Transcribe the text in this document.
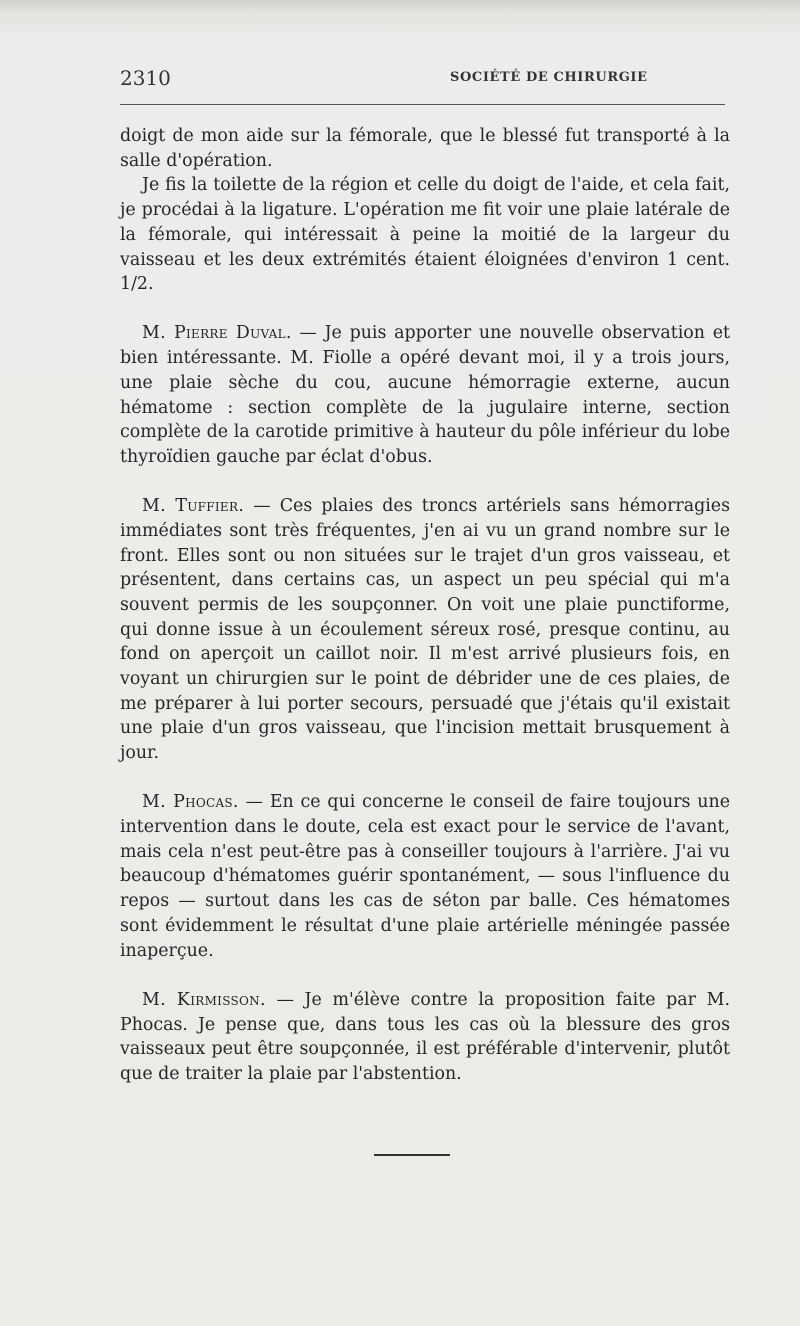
2310	SOCIÉTÉ DE CHIRURGIE

doigt de mon aide sur la fémorale, que le blessé fut transporté à la salle d'opération.

Je fis la toilette de la région et celle du doigt de l'aide, et cela fait, je procédai à la ligature. L'opération me fit voir une plaie latérale de la fémorale, qui intéressait à peine la moitié de la largeur du vaisseau et les deux extrémités étaient éloignées d'environ 1 cent. 1/2.

M. Pierre Duval. — Je puis apporter une nouvelle observation et bien intéressante. M. Fiolle a opéré devant moi, il y a trois jours, une plaie sèche du cou, aucune hémorragie externe, aucun hématome : section complète de la jugulaire interne, section complète de la carotide primitive à hauteur du pôle inférieur du lobe thyroïdien gauche par éclat d'obus.

M. Tuffier. — Ces plaies des troncs artériels sans hémorragies immédiates sont très fréquentes, j'en ai vu un grand nombre sur le front. Elles sont ou non situées sur le trajet d'un gros vaisseau, et présentent, dans certains cas, un aspect un peu spécial qui m'a souvent permis de les soupçonner. On voit une plaie punctiforme, qui donne issue à un écoulement séreux rosé, presque continu, au fond on aperçoit un caillot noir. Il m'est arrivé plusieurs fois, en voyant un chirurgien sur le point de débrider une de ces plaies, de me préparer à lui porter secours, persuadé que j'étais qu'il existait une plaie d'un gros vaisseau, que l'incision mettait brusquement à jour.

M. Phocas. — En ce qui concerne le conseil de faire toujours une intervention dans le doute, cela est exact pour le service de l'avant, mais cela n'est peut-être pas à conseiller toujours à l'arrière. J'ai vu beaucoup d'hématomes guérir spontanément, — sous l'influence du repos — surtout dans les cas de séton par balle. Ces hématomes sont évidemment le résultat d'une plaie artérielle méningée passée inaperçue.

M. Kirmisson. — Je m'élève contre la proposition faite par M. Phocas. Je pense que, dans tous les cas où la blessure des gros vaisseaux peut être soupçonnée, il est préférable d'intervenir, plutôt que de traiter la plaie par l'abstention.
